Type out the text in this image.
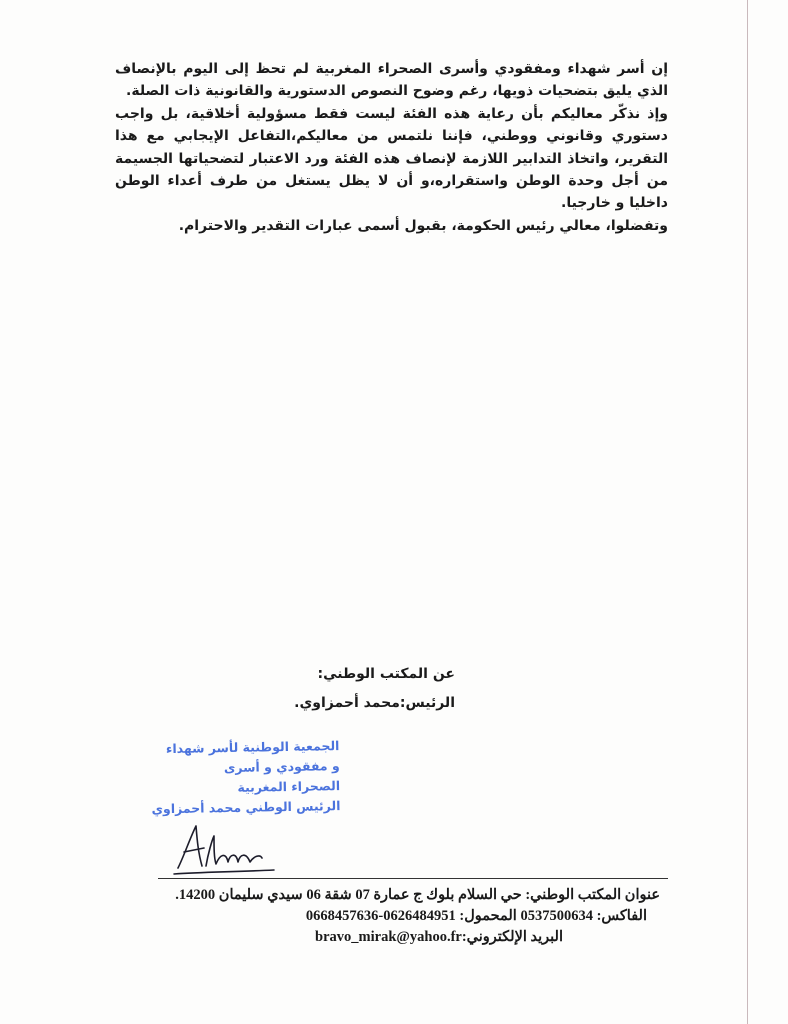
إن أسر شهداء ومفقودي وأسرى الصحراء المغربية لم تحظ إلى اليوم بالإنصاف الذي يليق بتضحيات ذويها، رغم وضوح النصوص الدستورية والقانونية ذات الصلة.

وإذ نذكّر معاليكم بأن رعاية هذه الفئة ليست فقط مسؤولية أخلاقية، بل واجب دستوري وقانوني ووطني، فإننا نلتمس من معاليكم،التفاعل الإيجابي مع هذا التقرير، واتخاذ التدابير اللازمة لإنصاف هذه الفئة ورد الاعتبار لتضحياتها الجسيمة من أجل وحدة الوطن واستقراره،و أن لا يظل يستغل من طرف أعداء الوطن داخليا و خارجيا.

وتفضلوا، معالي رئيس الحكومة، بقبول أسمى عبارات التقدير والاحترام.

عن المكتب الوطني:
الرئيس:محمد أحمزاوي.
الجمعية الوطنية لأسر شهداء
و مفقودي و أسرى
الصحراء المغربية
الرئيس الوطني محمد أحمزاوي
عنوان المكتب الوطني: حي السلام بلوك ج عمارة 07 شقة 06 سيدي سليمان 14200.
الفاكس: 0537500634 المحمول: 0626484951-0668457636
البريد الإلكتروني:bravo_mirak@yahoo.fr
